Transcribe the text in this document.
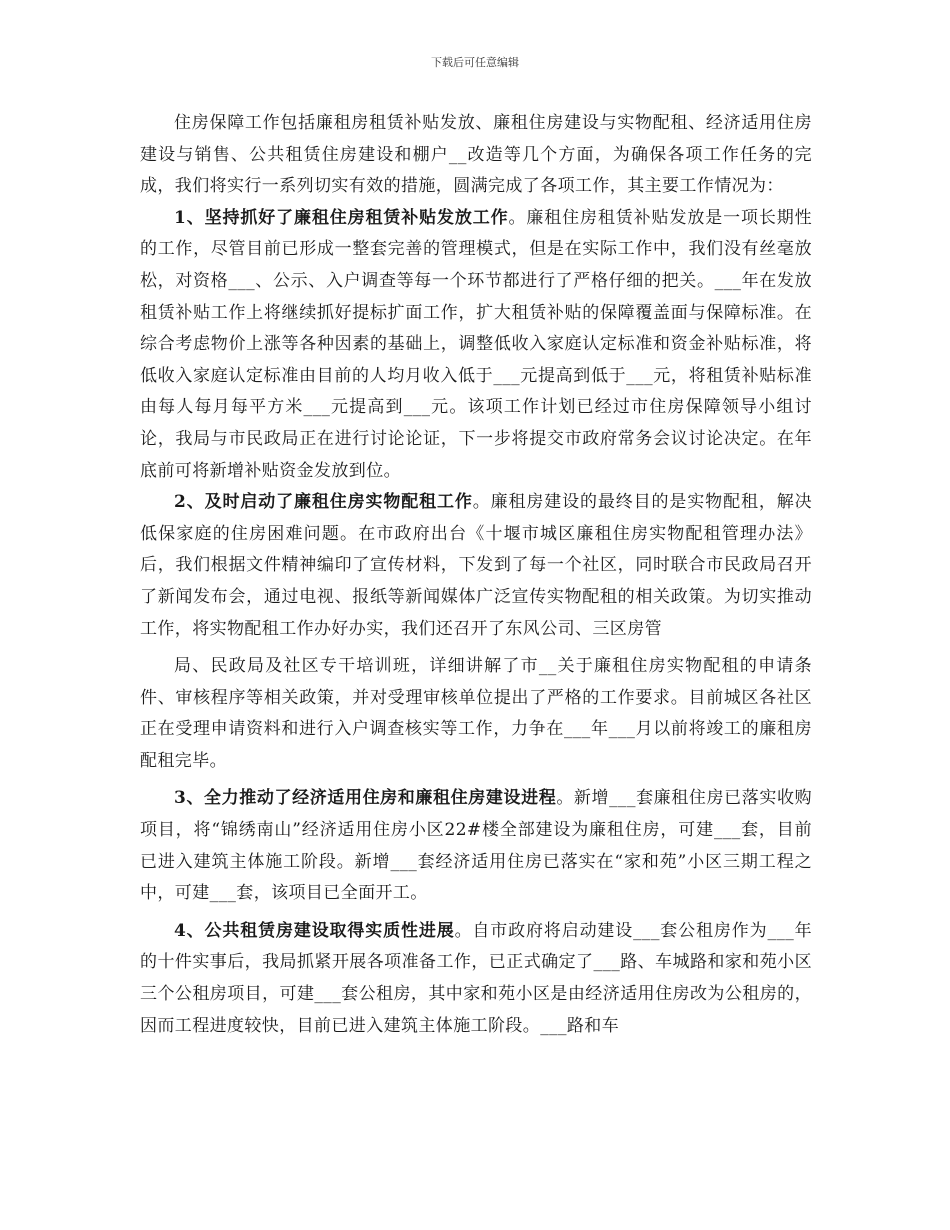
下载后可任意编辑

住房保障工作包括廉租房租赁补贴发放、廉租住房建设与实物配租、经济适用住房建设与销售、公共租赁住房建设和棚户__改造等几个方面，为确保各项工作任务的完成，我们将实行一系列切实有效的措施，圆满完成了各项工作，其主要工作情况为：

1、坚持抓好了廉租住房租赁补贴发放工作。廉租住房租赁补贴发放是一项长期性的工作，尽管目前已形成一整套完善的管理模式，但是在实际工作中，我们没有丝毫放松，对资格___、公示、入户调查等每一个环节都进行了严格仔细的把关。___年在发放租赁补贴工作上将继续抓好提标扩面工作，扩大租赁补贴的保障覆盖面与保障标准。在综合考虑物价上涨等各种因素的基础上，调整低收入家庭认定标准和资金补贴标准，将低收入家庭认定标准由目前的人均月收入低于___元提高到低于___元，将租赁补贴标准由每人每月每平方米___元提高到___元。该项工作计划已经过市住房保障领导小组讨论，我局与市民政局正在进行讨论论证，下一步将提交市政府常务会议讨论决定。在年底前可将新增补贴资金发放到位。

2、及时启动了廉租住房实物配租工作。廉租房建设的最终目的是实物配租，解决低保家庭的住房困难问题。在市政府出台《十堰市城区廉租住房实物配租管理办法》后，我们根据文件精神编印了宣传材料，下发到了每一个社区，同时联合市民政局召开了新闻发布会，通过电视、报纸等新闻媒体广泛宣传实物配租的相关政策。为切实推动工作，将实物配租工作办好办实，我们还召开了东风公司、三区房管

局、民政局及社区专干培训班，详细讲解了市__关于廉租住房实物配租的申请条件、审核程序等相关政策，并对受理审核单位提出了严格的工作要求。目前城区各社区正在受理申请资料和进行入户调查核实等工作，力争在___年___月以前将竣工的廉租房配租完毕。

3、全力推动了经济适用住房和廉租住房建设进程。新增___套廉租住房已落实收购项目，将“锦绣南山”经济适用住房小区22#楼全部建设为廉租住房，可建___套，目前已进入建筑主体施工阶段。新增___套经济适用住房已落实在“家和苑”小区三期工程之中，可建___套，该项目已全面开工。

4、公共租赁房建设取得实质性进展。自市政府将启动建设___套公租房作为___年的十件实事后，我局抓紧开展各项准备工作，已正式确定了___路、车城路和家和苑小区三个公租房项目，可建___套公租房，其中家和苑小区是由经济适用住房改为公租房的，因而工程进度较快，目前已进入建筑主体施工阶段。___路和车
